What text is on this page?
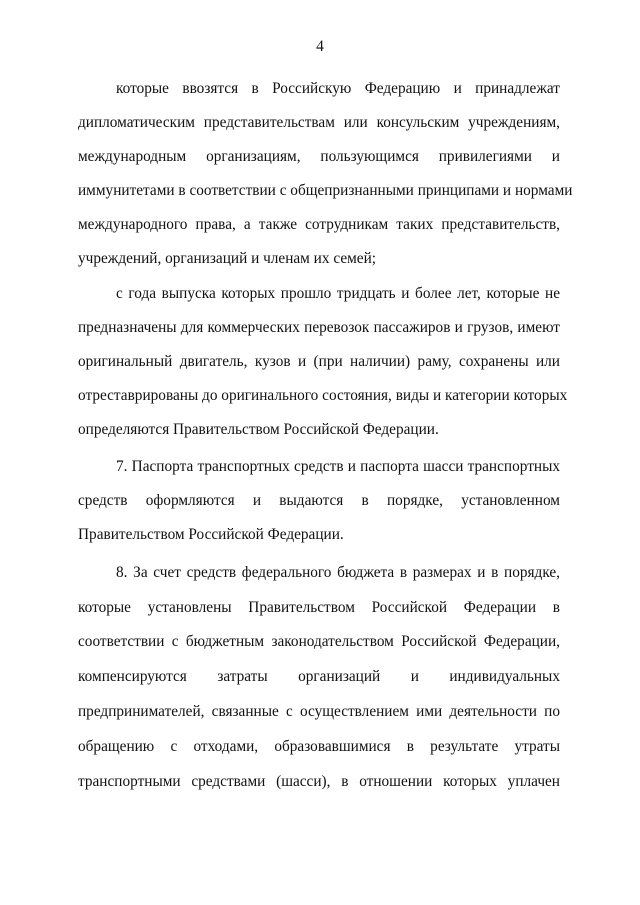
4
которые ввозятся в Российскую Федерацию и принадлежат
дипломатическим представительствам или консульским учреждениям,
международным организациям, пользующимся привилегиями и
иммунитетами в соответствии с общепризнанными принципами и нормами
международного права, а также сотрудникам таких представительств,
учреждений, организаций и членам их семей;
с года выпуска которых прошло тридцать и более лет, которые не
предназначены для коммерческих перевозок пассажиров и грузов, имеют
оригинальный двигатель, кузов и (при наличии) раму, сохранены или
отреставрированы до оригинального состояния, виды и категории которых
определяются Правительством Российской Федерации.
7. Паспорта транспортных средств и паспорта шасси транспортных
средств оформляются и выдаются в порядке, установленном
Правительством Российской Федерации.
8. За счет средств федерального бюджета в размерах и в порядке,
которые установлены Правительством Российской Федерации в
соответствии с бюджетным законодательством Российской Федерации,
компенсируются затраты организаций и индивидуальных
предпринимателей, связанные с осуществлением ими деятельности по
обращению с отходами, образовавшимися в результате утраты
транспортными средствами (шасси), в отношении которых уплачен
